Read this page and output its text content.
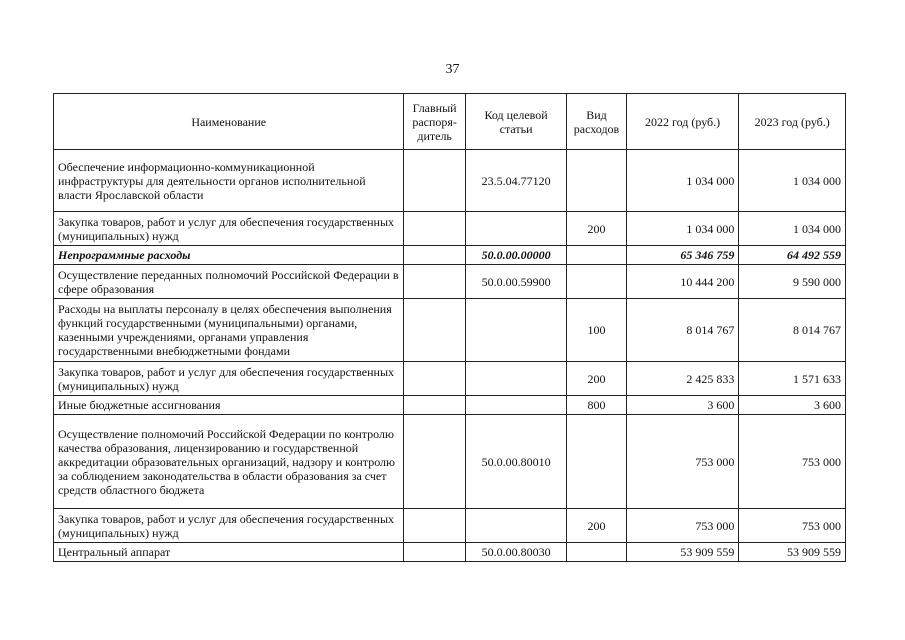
37
Наименование	Главный распоря-дитель	Код целевой статьи	Вид расходов	2022 год (руб.)	2023 год (руб.)
Обеспечение информационно-коммуникационной инфраструктуры для деятельности органов исполнительной власти Ярославской области		23.5.04.77120		1 034 000	1 034 000
Закупка товаров, работ и услуг для обеспечения государственных (муниципальных) нужд			200	1 034 000	1 034 000
Непрограммные расходы		50.0.00.00000		65 346 759	64 492 559
Осуществление переданных полномочий Российской Федерации в сфере образования		50.0.00.59900		10 444 200	9 590 000
Расходы на выплаты персоналу в целях обеспечения выполнения функций государственными (муниципальными) органами, казенными учреждениями, органами управления государственными внебюджетными фондами			100	8 014 767	8 014 767
Закупка товаров, работ и услуг для обеспечения государственных (муниципальных) нужд			200	2 425 833	1 571 633
Иные бюджетные ассигнования			800	3 600	3 600
Осуществление полномочий Российской Федерации по контролю качества образования, лицензированию и государственной аккредитации образовательных организаций, надзору и контролю за соблюдением законодательства в области образования за счет средств областного бюджета		50.0.00.80010		753 000	753 000
Закупка товаров, работ и услуг для обеспечения государственных (муниципальных) нужд			200	753 000	753 000
Центральный аппарат		50.0.00.80030		53 909 559	53 909 559
